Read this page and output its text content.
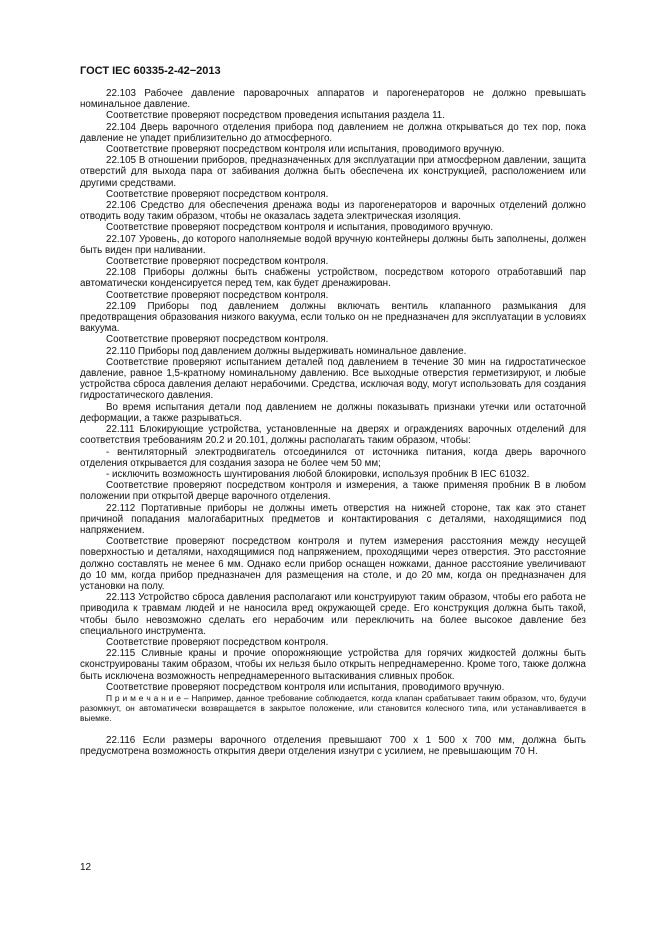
ГОСТ IEC 60335-2-42−2013

22.103 Рабочее давление пароварочных аппаратов и парогенераторов не должно превышать номинальное давление.

Соответствие проверяют посредством проведения испытания раздела 11.

22.104 Дверь варочного отделения прибора под давлением не должна открываться до тех пор, пока давление не упадет приблизительно до атмосферного.

Соответствие проверяют посредством контроля или испытания, проводимого вручную.

22.105 В отношении приборов, предназначенных для эксплуатации при атмосферном давлении, защита отверстий для выхода пара от забивания должна быть обеспечена их конструкцией, расположением или другими средствами.

Соответствие проверяют посредством контроля.

22.106 Средство для обеспечения дренажа воды из парогенераторов и варочных отделений должно отводить воду таким образом, чтобы не оказалась задета электрическая изоляция.

Соответствие проверяют посредством контроля и испытания, проводимого вручную.

22.107 Уровень, до которого наполняемые водой вручную контейнеры должны быть заполнены, должен быть виден при наливании.

Соответствие проверяют посредством контроля.

22.108 Приборы должны быть снабжены устройством, посредством которого отработавший пар автоматически конденсируется перед тем, как будет дренажирован.

Соответствие проверяют посредством контроля.

22.109 Приборы под давлением должны включать вентиль клапанного размыкания для предотвращения образования низкого вакуума, если только он не предназначен для эксплуатации в условиях вакуума.

Соответствие проверяют посредством контроля.

22.110 Приборы под давлением должны выдерживать номинальное давление.

Соответствие проверяют испытанием деталей под давлением в течение 30 мин на гидростатическое давление, равное 1,5-кратному номинальному давлению. Все выходные отверстия герметизируют, и любые устройства сброса давления делают нерабочими. Средства, исключая воду, могут использовать для создания гидростатического давления.

Во время испытания детали под давлением не должны показывать признаки утечки или остаточной деформации, а также разрываться.

22.111 Блокирующие устройства, установленные на дверях и ограждениях варочных отделений для соответствия требованиям 20.2 и 20.101, должны располагать таким образом, чтобы:

- вентиляторный электродвигатель отсоединился от источника питания, когда дверь варочного отделения открывается для создания зазора не более чем 50 мм;

- исключить возможность шунтирования любой блокировки, используя пробник В IEC 61032.

Соответствие проверяют посредством контроля и измерения, а также применяя пробник В в любом положении при открытой дверце варочного отделения.

22.112 Портативные приборы не должны иметь отверстия на нижней стороне, так как это станет причиной попадания малогабаритных предметов и контактирования с деталями, находящимися под напряжением.

Соответствие проверяют посредством контроля и путем измерения расстояния между несущей поверхностью и деталями, находящимися под напряжением, проходящими через отверстия. Это расстояние должно составлять не менее 6 мм. Однако если прибор оснащен ножками, данное расстояние увеличивают до 10 мм, когда прибор предназначен для размещения на столе, и до 20 мм, когда он предназначен для установки на полу.

22.113 Устройство сброса давления располагают или конструируют таким образом, чтобы его работа не приводила к травмам людей и не наносила вред окружающей среде. Его конструкция должна быть такой, чтобы было невозможно сделать его нерабочим или переключить на более высокое давление без специального инструмента.

Соответствие проверяют посредством контроля.

22.115 Сливные краны и прочие опорожняющие устройства для горячих жидкостей должны быть сконструированы таким образом, чтобы их нельзя было открыть непреднамеренно. Кроме того, также должна быть исключена возможность непреднамеренного вытаскивания сливных пробок.

Соответствие проверяют посредством контроля или испытания, проводимого вручную.

П р и м е ч а н и е – Например, данное требование соблюдается, когда клапан срабатывает таким образом, что, будучи разомкнут, он автоматически возвращается в закрытое положение, или становится колесного типа, или устанавливается в выемке.

22.116 Если размеры варочного отделения превышают 700 х 1 500 х 700 мм, должна быть предусмотрена возможность открытия двери отделения изнутри с усилием, не превышающим 70 Н.

12
